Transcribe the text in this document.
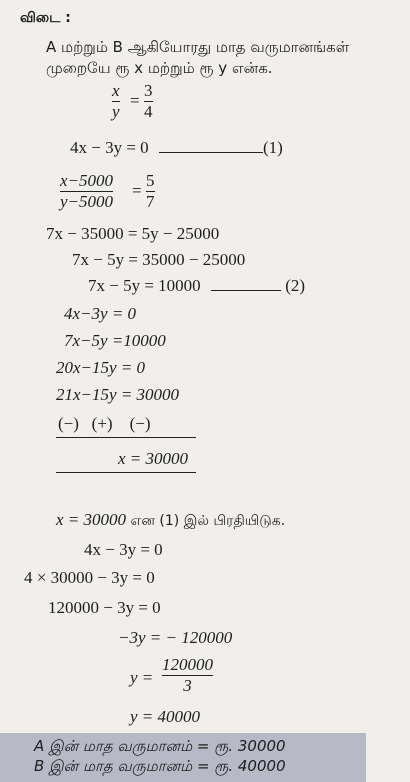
விடை :
A மற்றும் B ஆகியோரது மாத வருமானங்கள்
முறையே ரூ x மற்றும் ரூ y என்க.
x
y
=
3
4
4x − 3y = 0	(1)
x−5000
y−5000
=
5
7
7x − 35000 = 5y − 25000
7x − 5y = 35000 − 25000
7x − 5y = 10000	(2)
4x−3y = 0
7x−5y =10000
20x−15y = 0
21x−15y = 30000
(−)   (+)    (−)
x = 30000
x = 30000 என (1) இல் பிரதியிடுக.
4x − 3y = 0
4 × 30000 − 3y = 0
120000 − 3y = 0
−3y = − 120000
y =
120000
3
y = 40000
A இன் மாத வருமானம் = ரூ. 30000
B இன் மாத வருமானம் = ரூ. 40000
